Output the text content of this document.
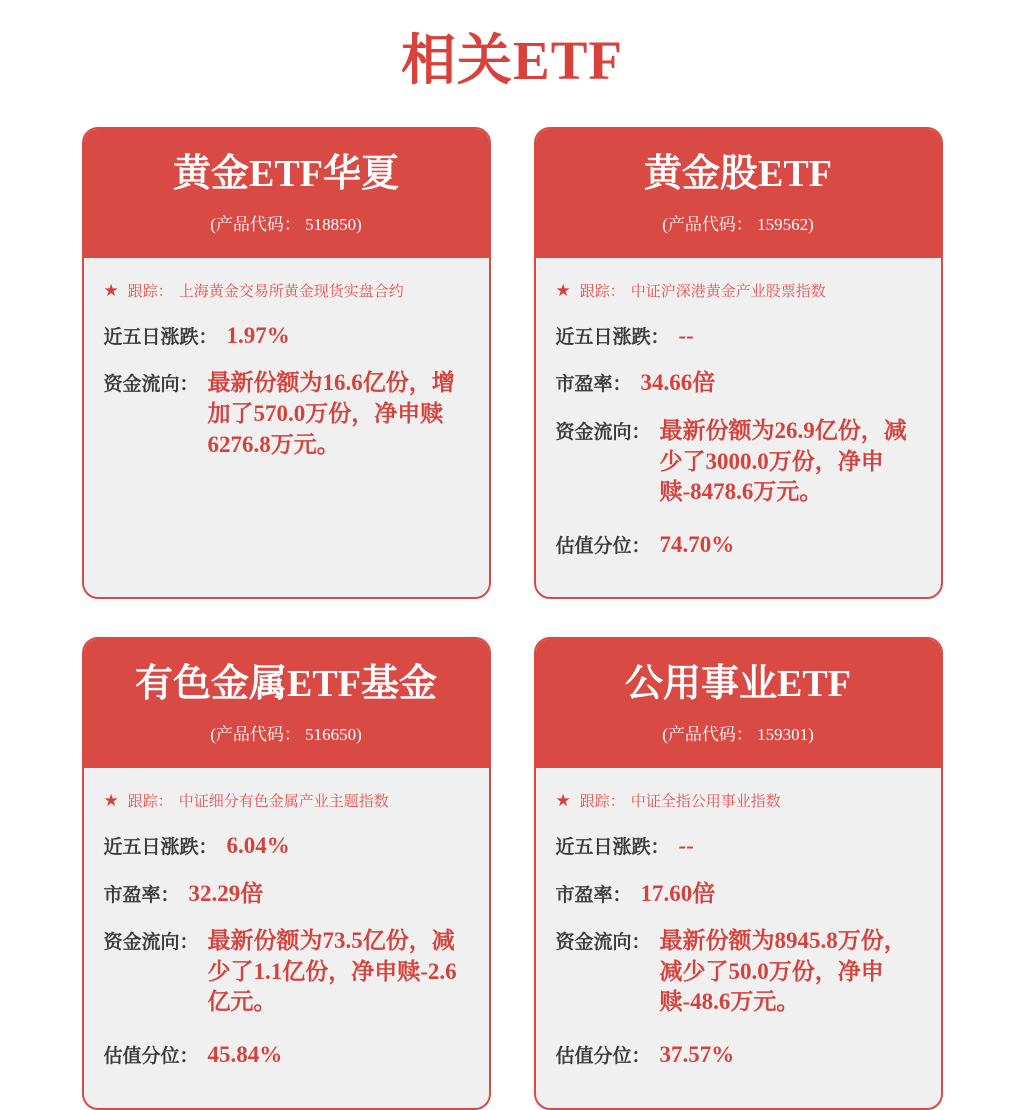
相关ETF
黄金ETF华夏
(产品代码： 518850)
★ 跟踪： 上海黄金交易所黄金现货实盘合约
近五日涨跌： 1.97%
资金流向： 最新份额为16.6亿份，增加了570.0万份，净申赎6276.8万元。
黄金股ETF
(产品代码： 159562)
★ 跟踪： 中证沪深港黄金产业股票指数
近五日涨跌： --
市盈率： 34.66倍
资金流向： 最新份额为26.9亿份，减少了3000.0万份，净申赎-8478.6万元。
估值分位： 74.70%
有色金属ETF基金
(产品代码： 516650)
★ 跟踪： 中证细分有色金属产业主题指数
近五日涨跌： 6.04%
市盈率： 32.29倍
资金流向： 最新份额为73.5亿份，减少了1.1亿份，净申赎-2.6亿元。
估值分位： 45.84%
公用事业ETF
(产品代码： 159301)
★ 跟踪： 中证全指公用事业指数
近五日涨跌： --
市盈率： 17.60倍
资金流向： 最新份额为8945.8万份，减少了50.0万份，净申赎-48.6万元。
估值分位： 37.57%
